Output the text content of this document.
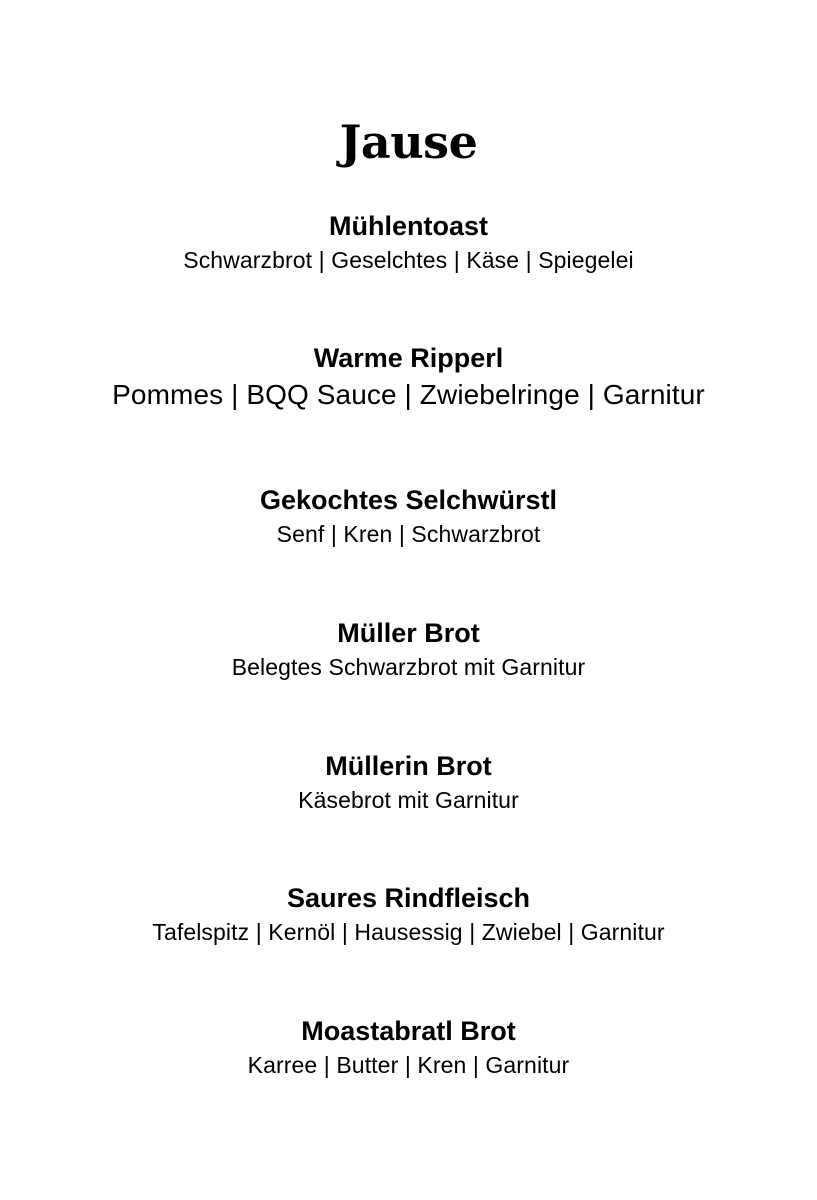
Jause
Mühlentoast
Schwarzbrot | Geselchtes | Käse | Spiegelei
Warme Ripperl
Pommes | BQQ Sauce | Zwiebelringe | Garnitur
Gekochtes Selchwürstl
Senf | Kren | Schwarzbrot
Müller Brot
Belegtes Schwarzbrot mit Garnitur
Müllerin Brot
Käsebrot mit Garnitur
Saures Rindfleisch
Tafelspitz | Kernöl | Hausessig | Zwiebel | Garnitur
Moastabratl Brot
Karree | Butter | Kren | Garnitur
